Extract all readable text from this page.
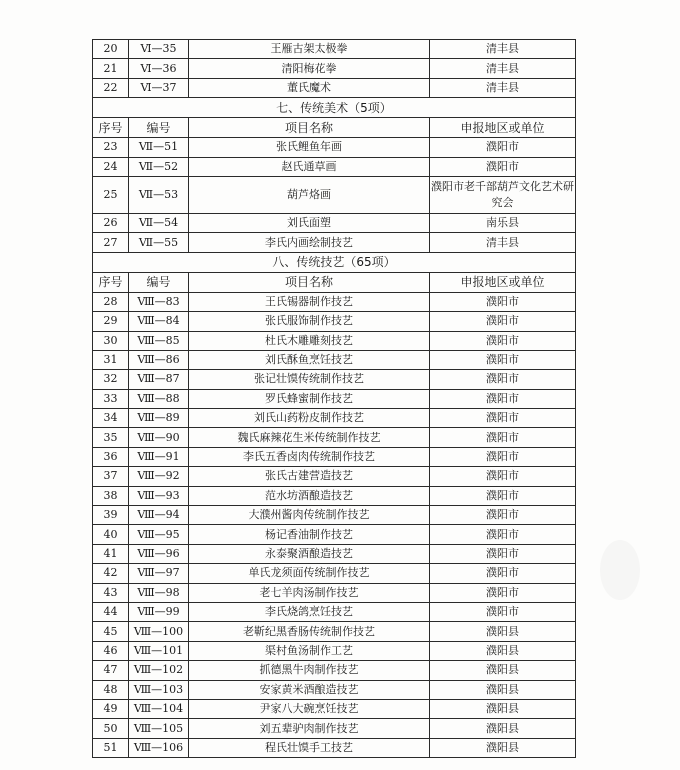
20	Ⅵ—35	王雁古架太极拳	清丰县
21	Ⅵ—36	清阳梅花拳	清丰县
22	Ⅵ—37	董氏魔术	清丰县
七、传统美术（5项）			
序号	编号	项目名称	申报地区或单位
23	Ⅶ—51	张氏鲤鱼年画	濮阳市
24	Ⅶ—52	赵氏通草画	濮阳市
25	Ⅶ—53	葫芦烙画	濮阳市老千部葫芦文化艺术研究会
26	Ⅶ—54	刘氏面塑	南乐县
27	Ⅶ—55	李氏内画绘制技艺	清丰县
八、传统技艺（65项）			
序号	编号	项目名称	申报地区或单位
28	Ⅷ—83	王氏锡器制作技艺	濮阳市
29	Ⅷ—84	张氏服饰制作技艺	濮阳市
30	Ⅷ—85	杜氏木雕雕刻技艺	濮阳市
31	Ⅷ—86	刘氏酥鱼烹饪技艺	濮阳市
32	Ⅷ—87	张记壮馍传统制作技艺	濮阳市
33	Ⅷ—88	罗氏蜂蜜制作技艺	濮阳市
34	Ⅷ—89	刘氏山药粉皮制作技艺	濮阳市
35	Ⅷ—90	魏氏麻辣花生米传统制作技艺	濮阳市
36	Ⅷ—91	李氏五香卤肉传统制作技艺	濮阳市
37	Ⅷ—92	张氏古建营造技艺	濮阳市
38	Ⅷ—93	范水坊酒酿造技艺	濮阳市
39	Ⅷ—94	大濮州酱肉传统制作技艺	濮阳市
40	Ⅷ—95	杨记香油制作技艺	濮阳市
41	Ⅷ—96	永泰聚酒酿造技艺	濮阳市
42	Ⅷ—97	单氏龙须面传统制作技艺	濮阳市
43	Ⅷ—98	老七羊肉汤制作技艺	濮阳市
44	Ⅷ—99	李氏烧鸽烹饪技艺	濮阳市
45	Ⅷ—100	老靳纪黑香肠传统制作技艺	濮阳县
46	Ⅷ—101	渠村鱼汤制作工艺	濮阳县
47	Ⅷ—102	抓德黑牛肉制作技艺	濮阳县
48	Ⅷ—103	安家黄米酒酿造技艺	濮阳县
49	Ⅷ—104	尹家八大碗烹饪技艺	濮阳县
50	Ⅷ—105	刘五辈驴肉制作技艺	濮阳县
51	Ⅷ—106	程氏壮馍手工技艺	濮阳县
